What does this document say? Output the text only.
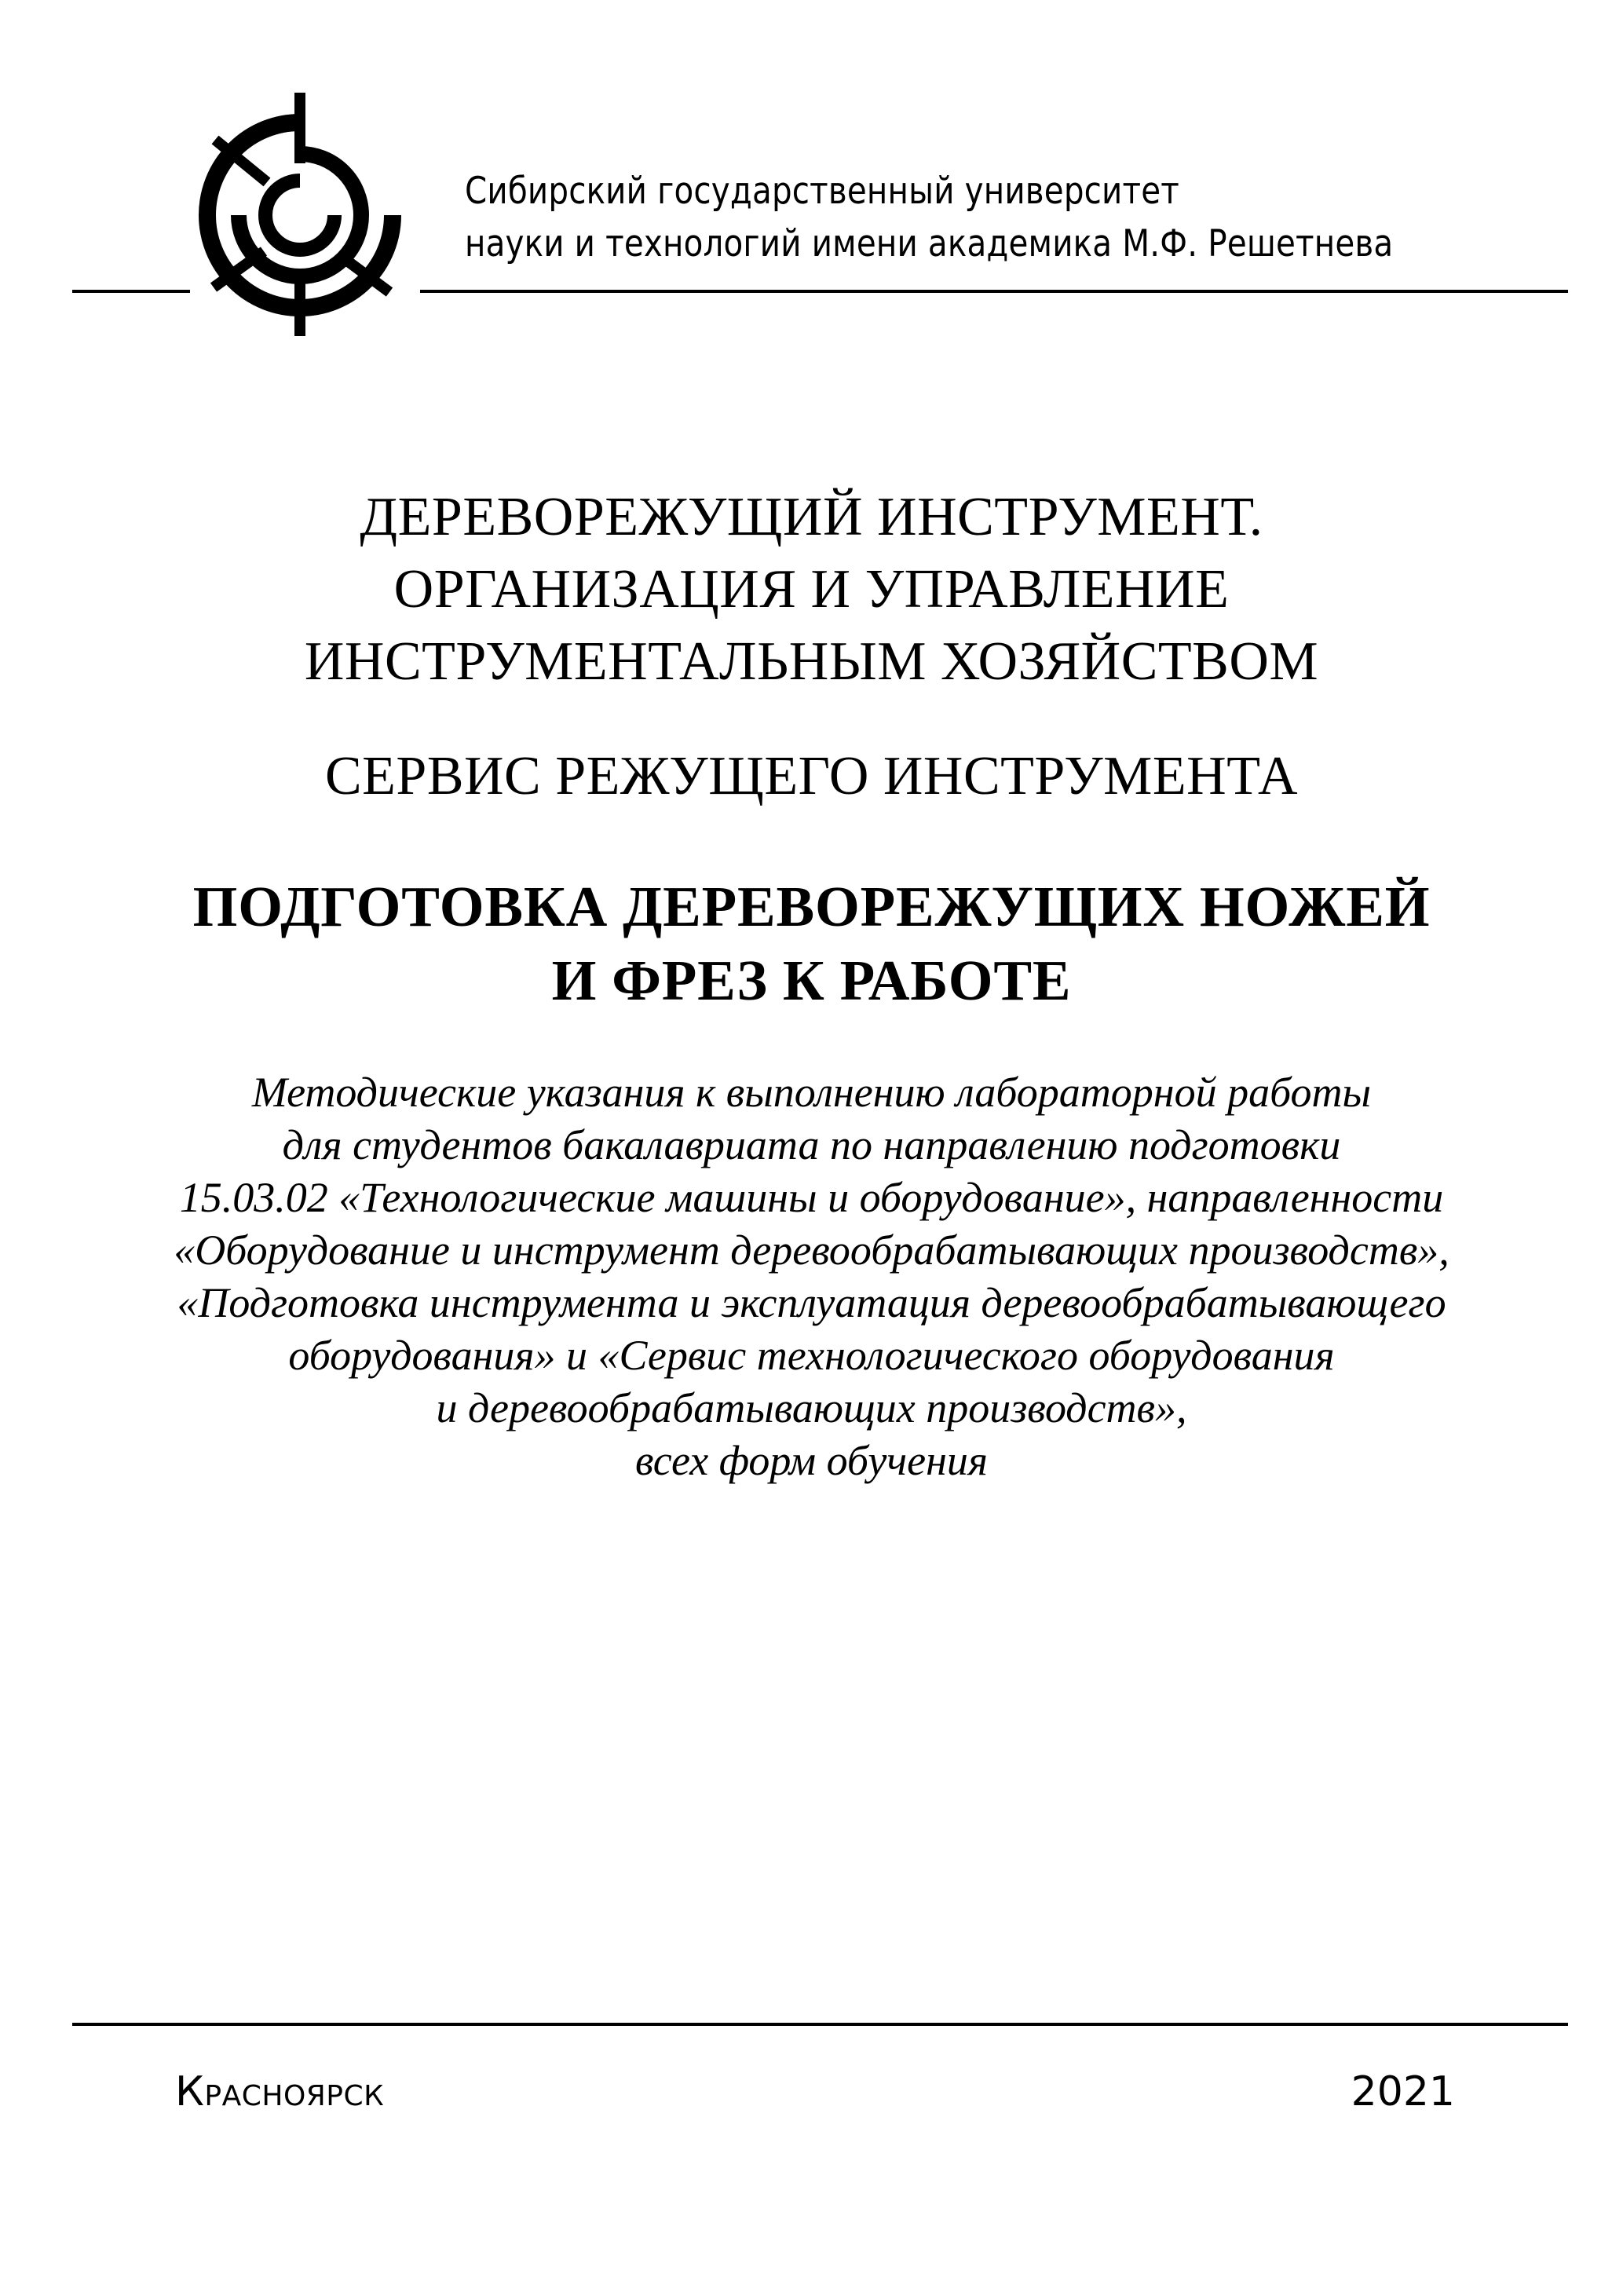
Сибирский государственный университет
науки и технологий имени академика М.Ф. Решетнева
ДЕРЕВОРЕЖУЩИЙ ИНСТРУМЕНТ.
ОРГАНИЗАЦИЯ И УПРАВЛЕНИЕ
ИНСТРУМЕНТАЛЬНЫМ ХОЗЯЙСТВОМ
СЕРВИС РЕЖУЩЕГО ИНСТРУМЕНТА
ПОДГОТОВКА ДЕРЕВОРЕЖУЩИХ НОЖЕЙ
И ФРЕЗ К РАБОТЕ
Методические указания к выполнению лабораторной работы
для студентов бакалавриата по направлению подготовки
15.03.02 «Технологические машины и оборудование», направленности
«Оборудование и инструмент деревообрабатывающих производств»,
«Подготовка инструмента и эксплуатация деревообрабатывающего
оборудования» и «Сервис технологического оборудования
и деревообрабатывающих производств»,
всех форм обучения
Красноярск	2021
